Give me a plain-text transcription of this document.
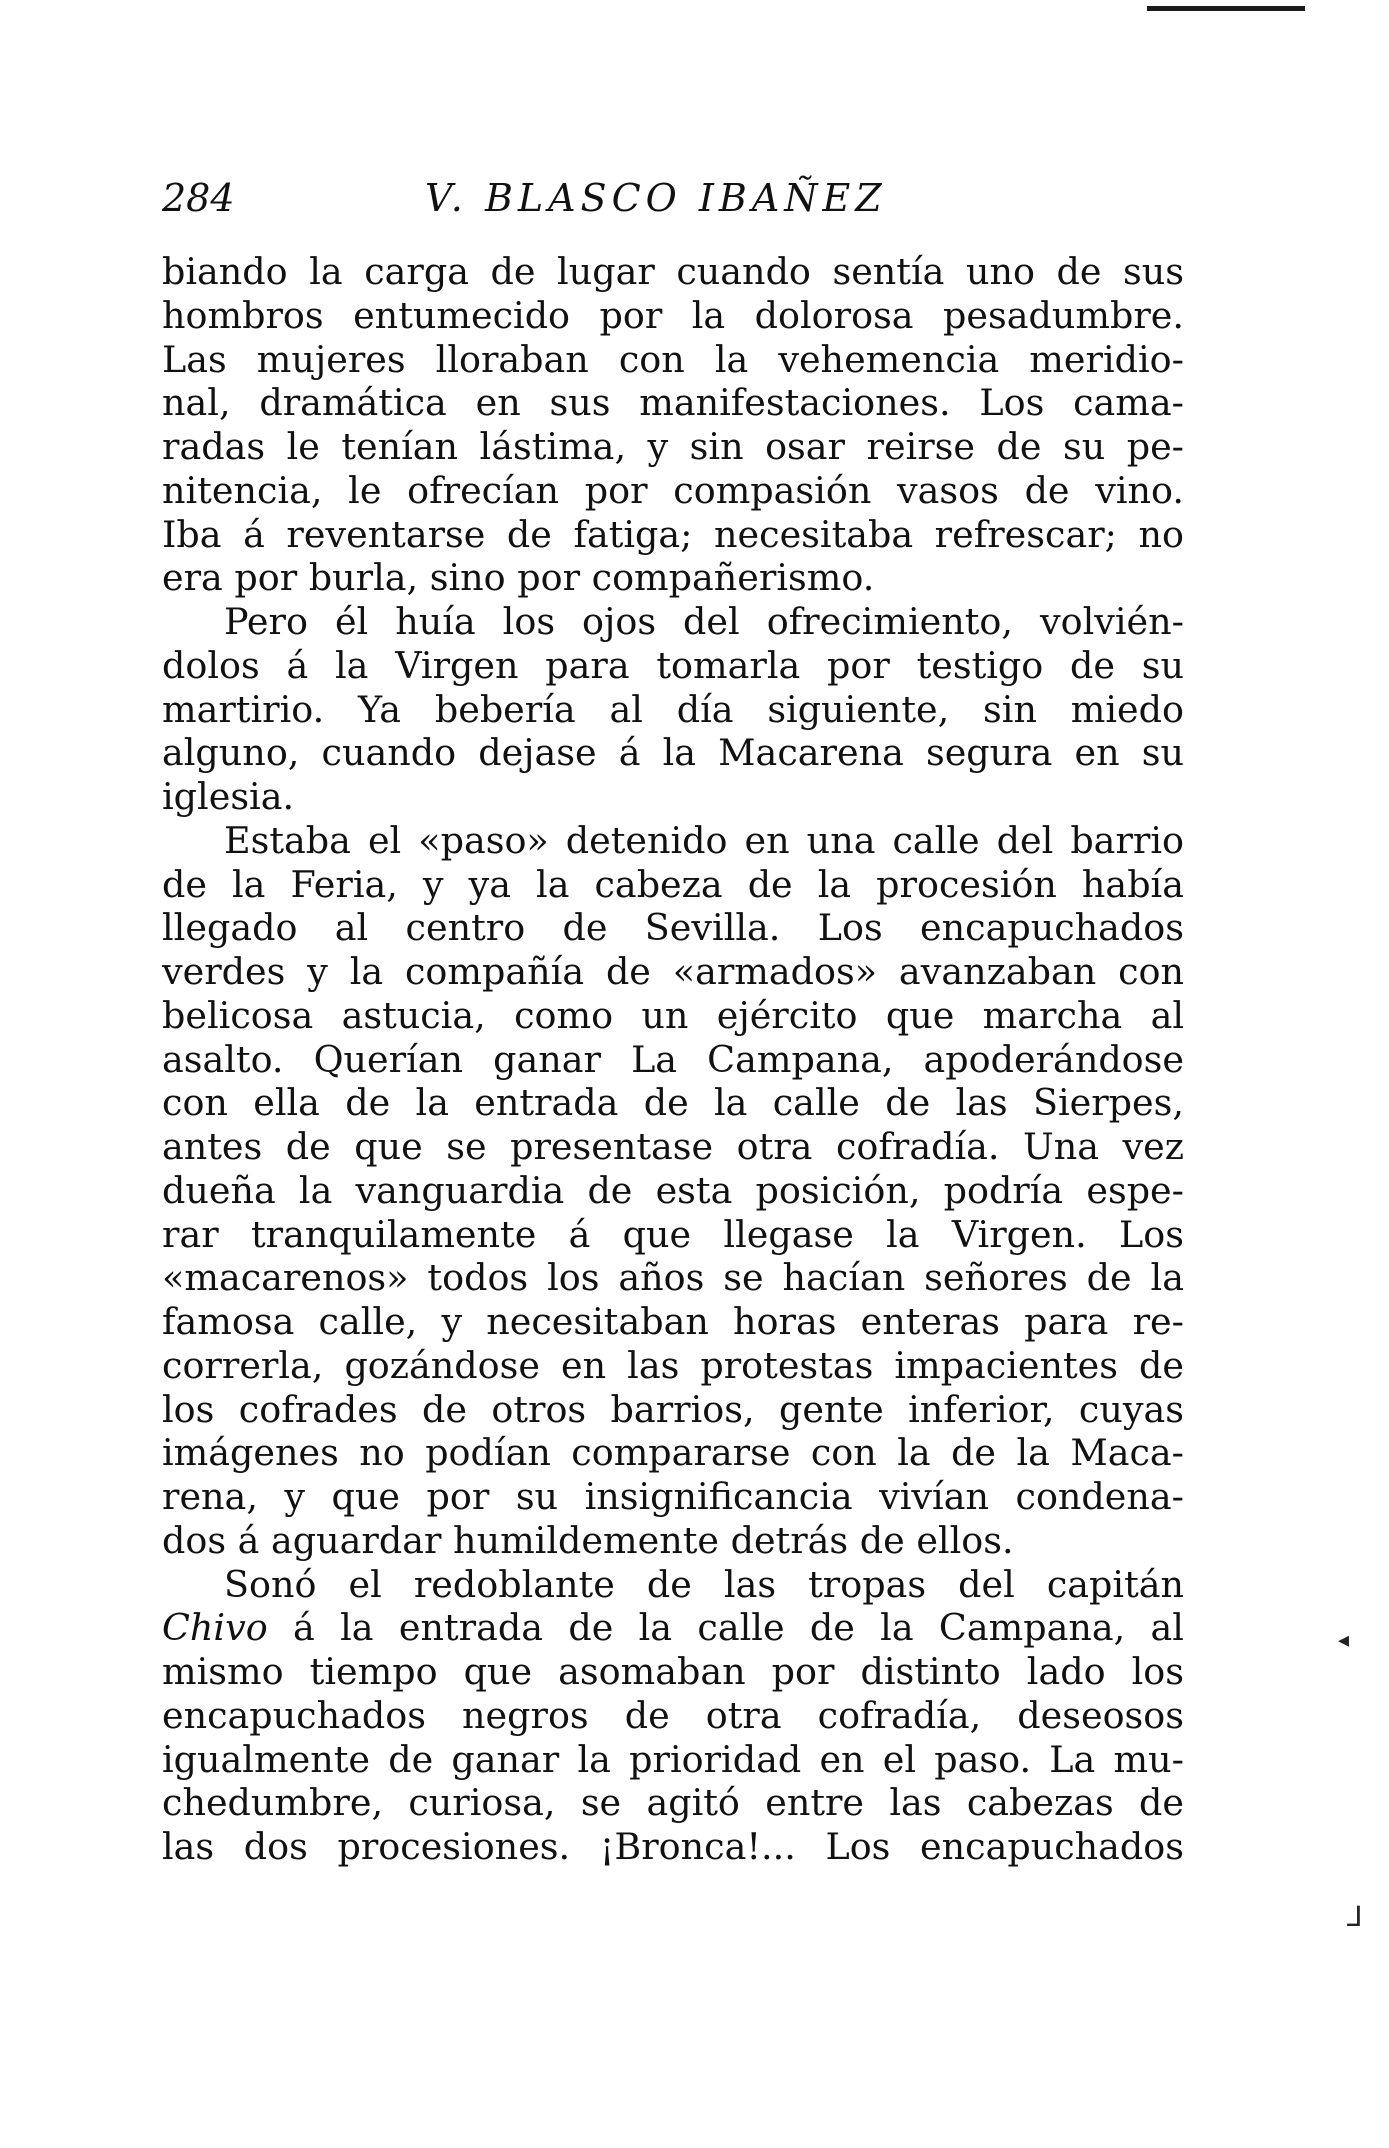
284	V. BLASCO IBAÑEZ
biando la carga de lugar cuando sentía uno de sus
hombros entumecido por la dolorosa pesadumbre.
Las mujeres lloraban con la vehemencia meridio-
nal, dramática en sus manifestaciones. Los cama-
radas le tenían lástima, y sin osar reirse de su pe-
nitencia, le ofrecían por compasión vasos de vino.
Iba á reventarse de fatiga; necesitaba refrescar; no
era por burla, sino por compañerismo.
Pero él huía los ojos del ofrecimiento, volvién-
dolos á la Virgen para tomarla por testigo de su
martirio. Ya bebería al día siguiente, sin miedo
alguno, cuando dejase á la Macarena segura en su
iglesia.
Estaba el «paso» detenido en una calle del barrio
de la Feria, y ya la cabeza de la procesión había
llegado al centro de Sevilla. Los encapuchados
verdes y la compañía de «armados» avanzaban con
belicosa astucia, como un ejército que marcha al
asalto. Querían ganar La Campana, apoderándose
con ella de la entrada de la calle de las Sierpes,
antes de que se presentase otra cofradía. Una vez
dueña la vanguardia de esta posición, podría espe-
rar tranquilamente á que llegase la Virgen. Los
«macarenos» todos los años se hacían señores de la
famosa calle, y necesitaban horas enteras para re-
correrla, gozándose en las protestas impacientes de
los cofrades de otros barrios, gente inferior, cuyas
imágenes no podían compararse con la de la Maca-
rena, y que por su insignificancia vivían condena-
dos á aguardar humildemente detrás de ellos.
Sonó el redoblante de las tropas del capitán
Chivo á la entrada de la calle de la Campana, al
mismo tiempo que asomaban por distinto lado los
encapuchados negros de otra cofradía, deseosos
igualmente de ganar la prioridad en el paso. La mu-
chedumbre, curiosa, se agitó entre las cabezas de
las dos procesiones. ¡Bronca!... Los encapuchados
◂
⅃
